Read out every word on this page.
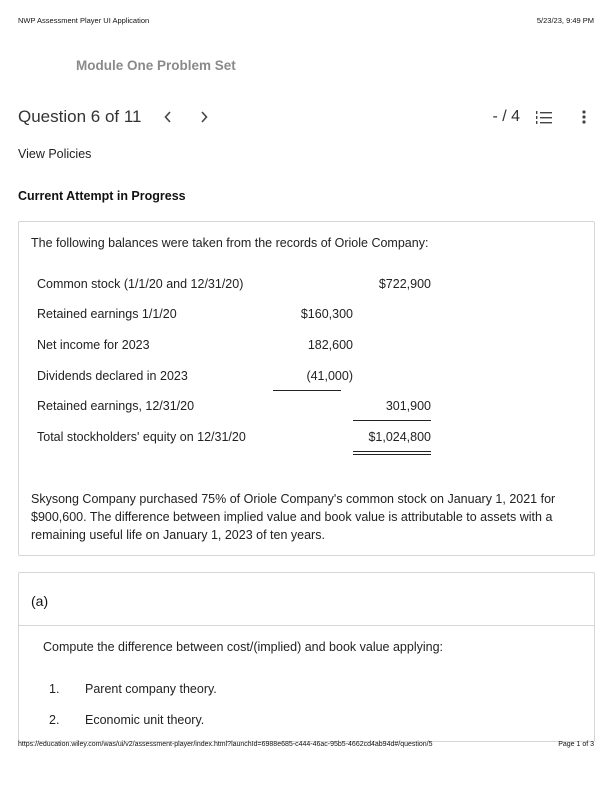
NWP Assessment Player UI Application	5/23/23, 9:49 PM
Module One Problem Set
Question 6 of 11	- / 4
View Policies
Current Attempt in Progress
The following balances were taken from the records of Oriole Company:
Common stock (1/1/20 and 12/31/20)	$722,900
Retained earnings 1/1/20	$160,300
Net income for 2023	182,600
Dividends declared in 2023	(41,000)
Retained earnings, 12/31/20	301,900
Total stockholders' equity on 12/31/20	$1,024,800
Skysong Company purchased 75% of Oriole Company's common stock on January 1, 2021 for $900,600. The difference between implied value and book value is attributable to assets with a remaining useful life on January 1, 2023 of ten years.
(a)
Compute the difference between cost/(implied) and book value applying:
1. Parent company theory.
2. Economic unit theory.
https://education.wiley.com/was/ui/v2/assessment-player/index.html?launchId=6988e685-c444-46ac-95b5-4662cd4ab94d#/question/5	Page 1 of 3
